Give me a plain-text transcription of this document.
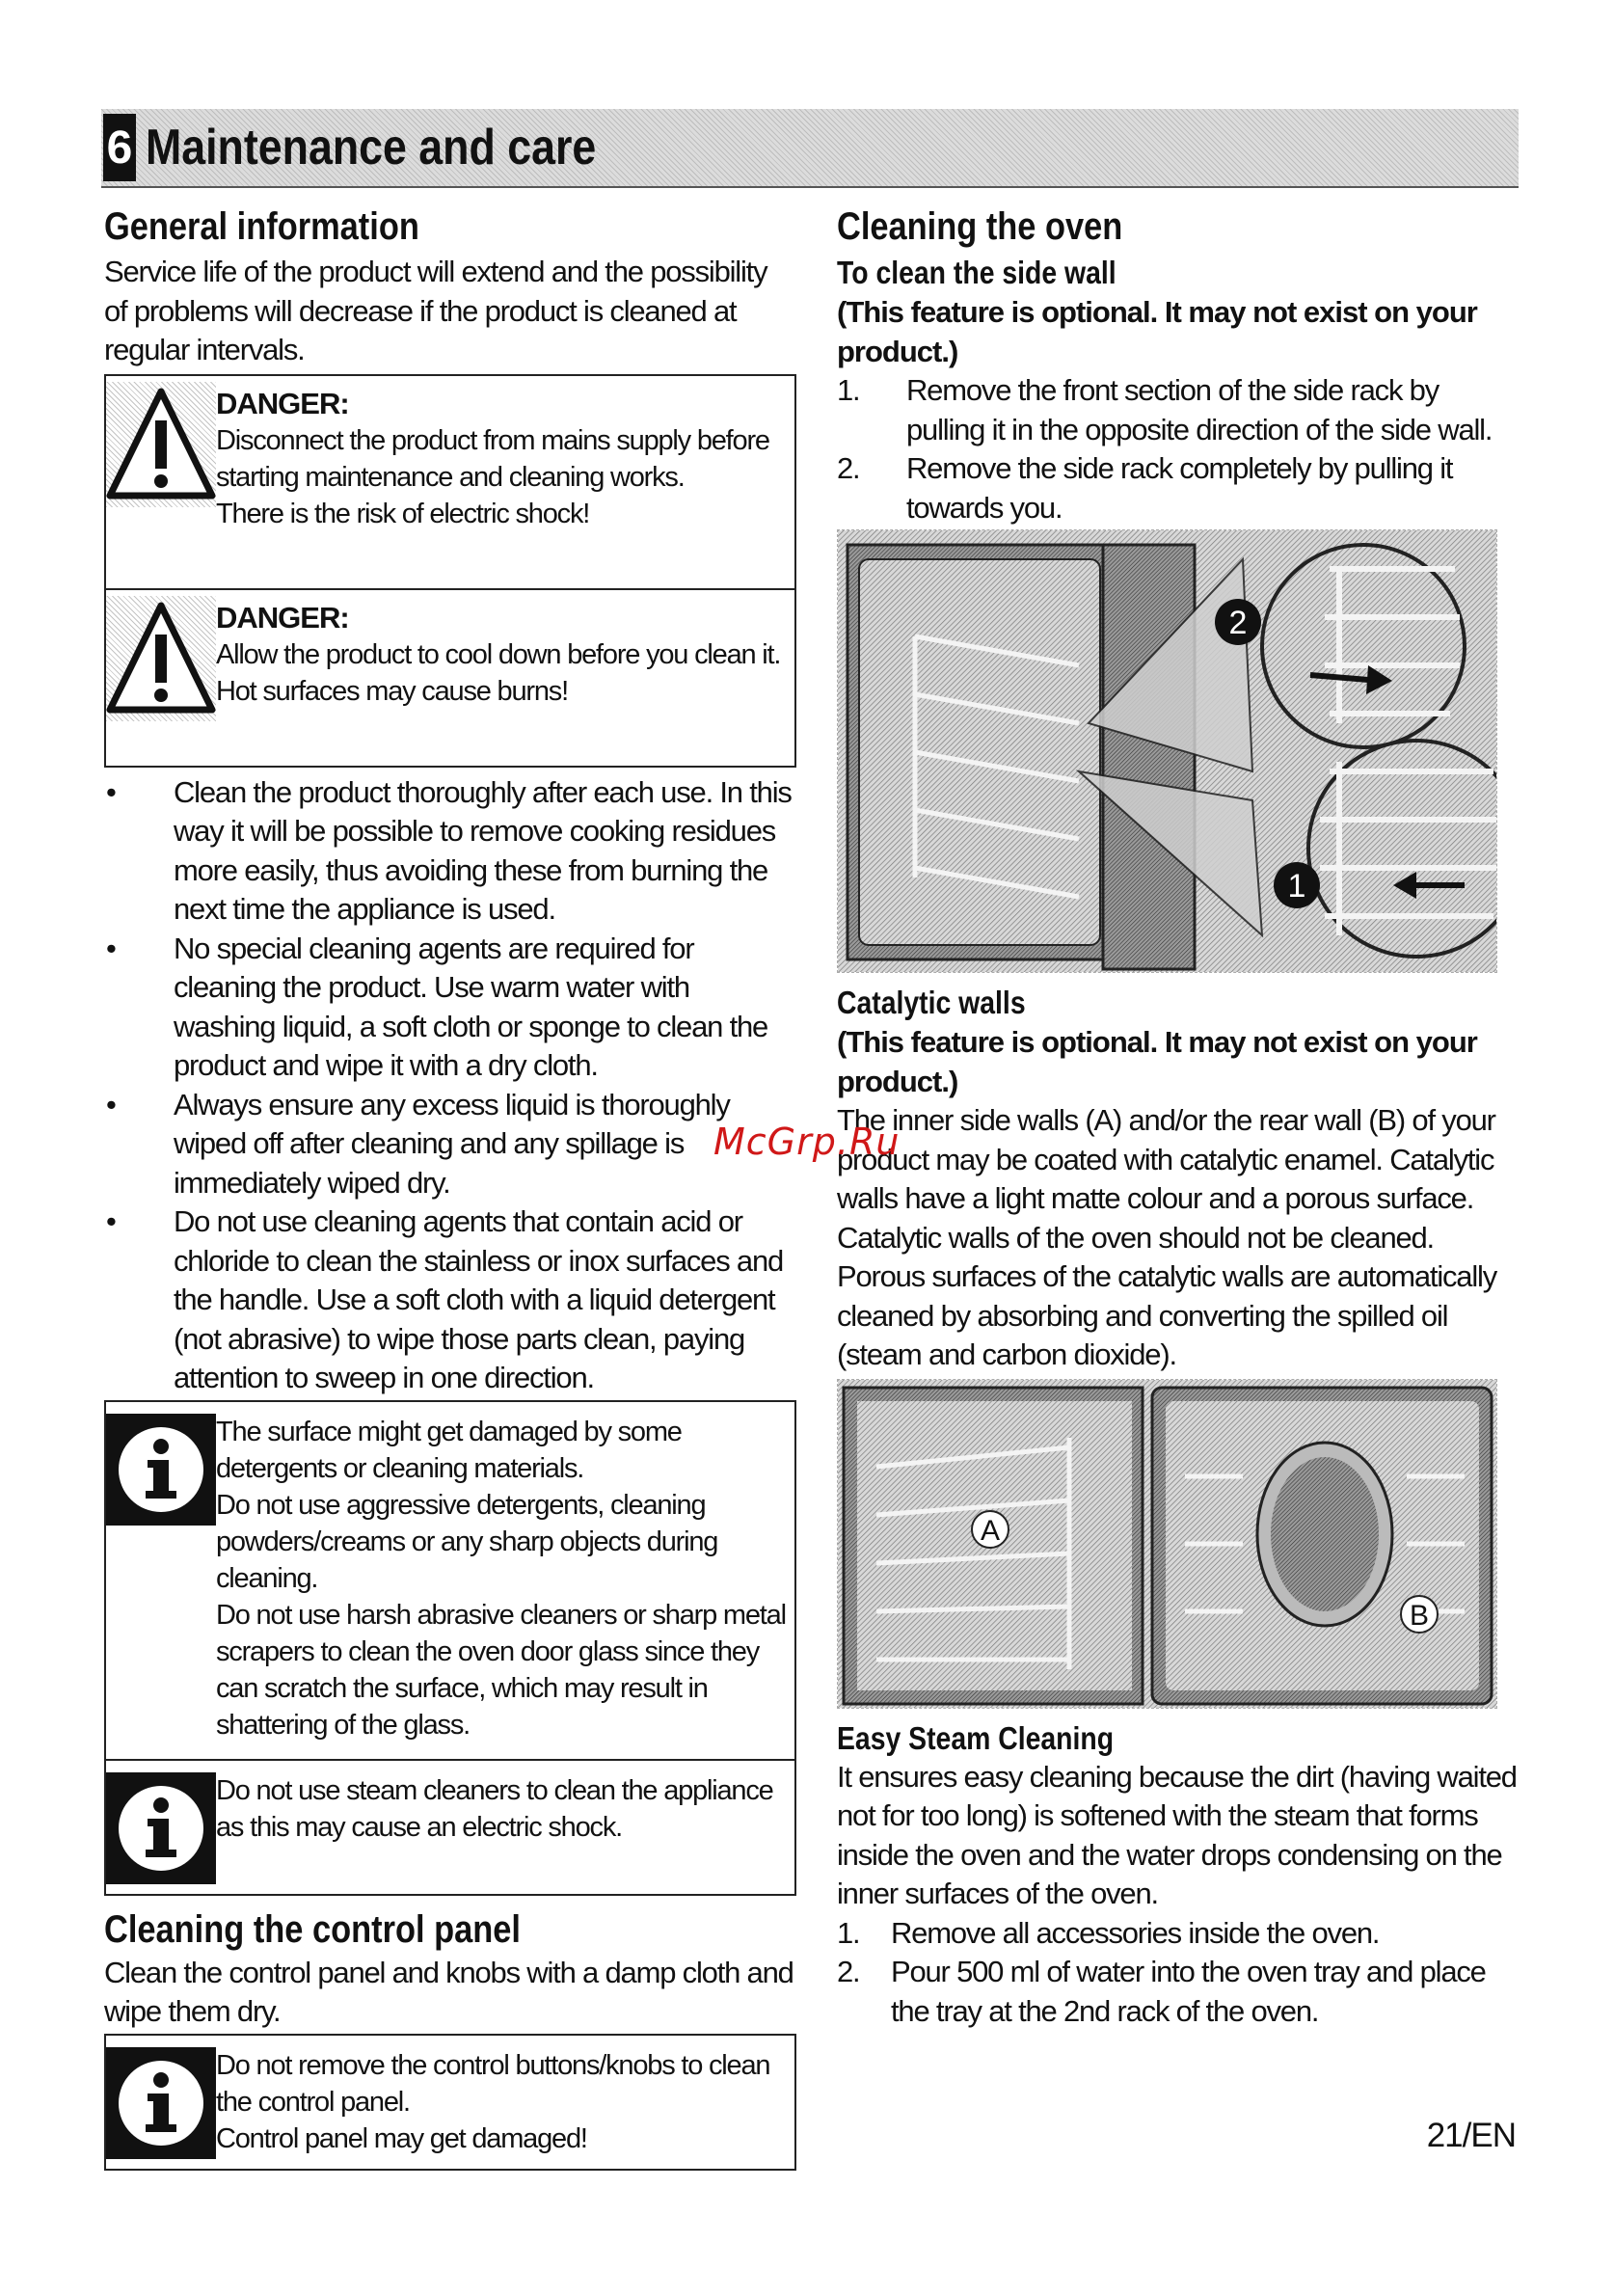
6 Maintenance and care
General information
Service life of the product will extend and the possibility of problems will decrease if the product is cleaned at regular intervals.
DANGER:
Disconnect the product from mains supply before starting maintenance and cleaning works.
There is the risk of electric shock!
DANGER:
Allow the product to cool down before you clean it.
Hot surfaces may cause burns!
• Clean the product thoroughly after each use. In this way it will be possible to remove cooking residues more easily, thus avoiding these from burning the next time the appliance is used.
• No special cleaning agents are required for cleaning the product. Use warm water with washing liquid, a soft cloth or sponge to clean the product and wipe it with a dry cloth.
• Always ensure any excess liquid is thoroughly wiped off after cleaning and any spillage is immediately wiped dry.
• Do not use cleaning agents that contain acid or chloride to clean the stainless or inox surfaces and the handle. Use a soft cloth with a liquid detergent (not abrasive) to wipe those parts clean, paying attention to sweep in one direction.
The surface might get damaged by some detergents or cleaning materials.
Do not use aggressive detergents, cleaning powders/creams or any sharp objects during cleaning.
Do not use harsh abrasive cleaners or sharp metal scrapers to clean the oven door glass since they can scratch the surface, which may result in shattering of the glass.
Do not use steam cleaners to clean the appliance as this may cause an electric shock.
Cleaning the control panel
Clean the control panel and knobs with a damp cloth and wipe them dry.
Do not remove the control buttons/knobs to clean the control panel.
Control panel may get damaged!
Cleaning the oven
To clean the side wall
(This feature is optional. It may not exist on your product.)
1. Remove the front section of the side rack by pulling it in the opposite direction of the side wall.
2. Remove the side rack completely by pulling it towards you.
2
1
Catalytic walls
(This feature is optional. It may not exist on your product.)
The inner side walls (A) and/or the rear wall (B) of your product may be coated with catalytic enamel. Catalytic walls have a light matte colour and a porous surface. Catalytic walls of the oven should not be cleaned. Porous surfaces of the catalytic walls are automatically cleaned by absorbing and converting the spilled oil (steam and carbon dioxide).
A
B
Easy Steam Cleaning
It ensures easy cleaning because the dirt (having waited not for too long) is softened with the steam that forms inside the oven and the water drops condensing on the inner surfaces of the oven.
1. Remove all accessories inside the oven.
2. Pour 500 ml of water into the oven tray and place the tray at the 2nd rack of the oven.
McGrp.Ru
21/EN
